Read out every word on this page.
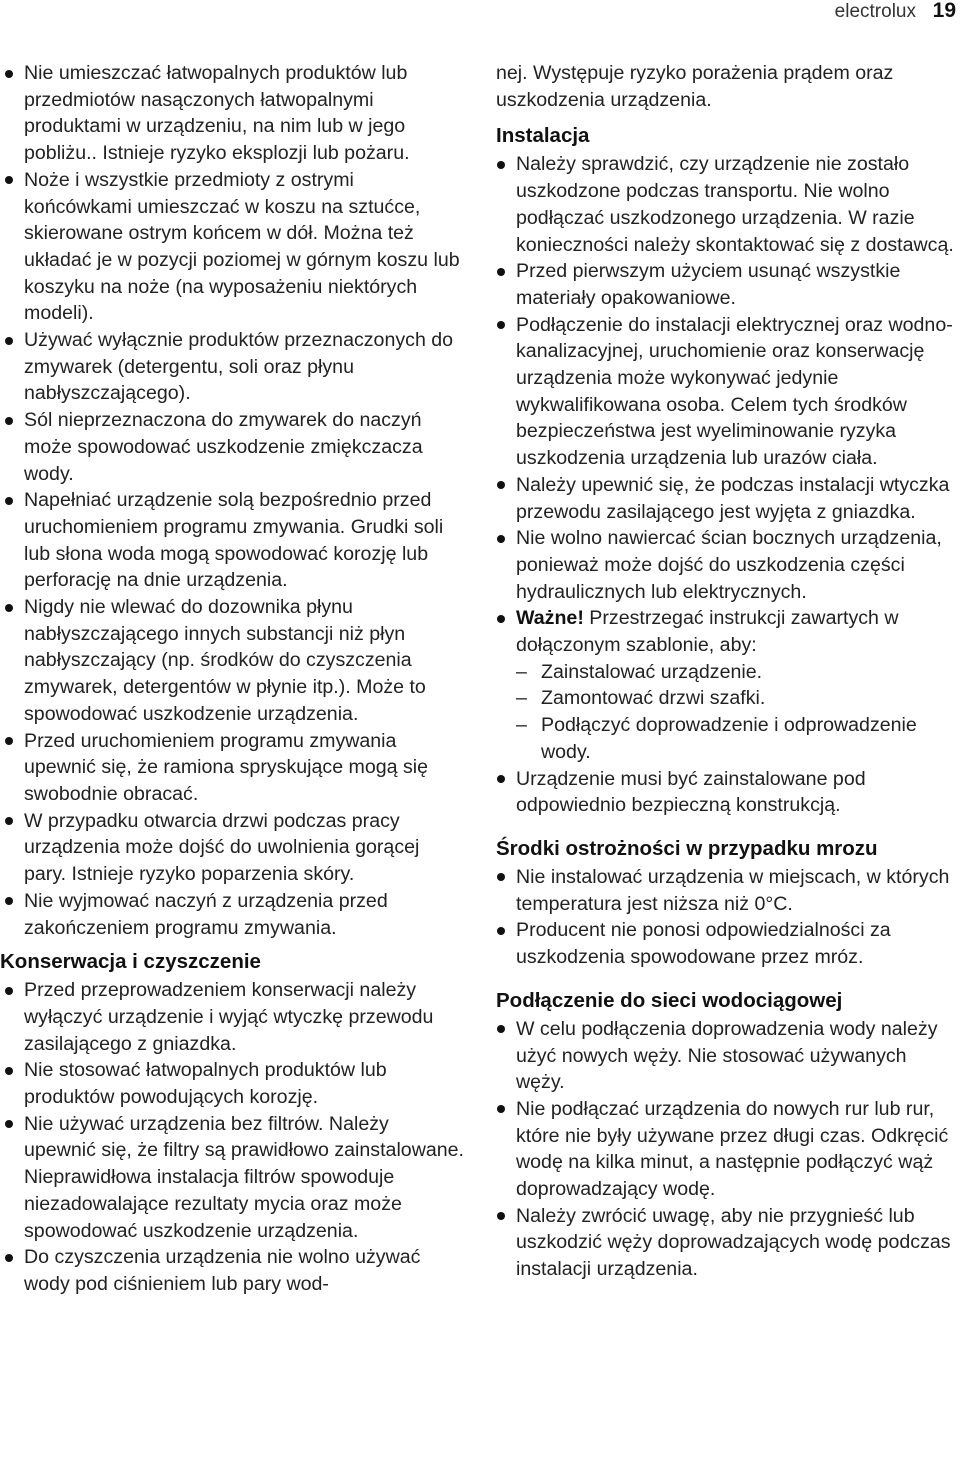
electrolux 19
Nie umieszczać łatwopalnych produktów lub przedmiotów nasączonych łatwopalnymi produktami w urządzeniu, na nim lub w jego pobliżu.. Istnieje ryzyko eksplozji lub pożaru.
Noże i wszystkie przedmioty z ostrymi końcówkami umieszczać w koszu na sztućce, skierowane ostrym końcem w dół. Można też układać je w pozycji poziomej w górnym koszu lub koszyku na noże (na wyposażeniu niektórych modeli).
Używać wyłącznie produktów przeznaczonych do zmywarek (detergentu, soli oraz płynu nabłyszczającego).
Sól nieprzeznaczona do zmywarek do naczyń może spowodować uszkodzenie zmiękczacza wody.
Napełniać urządzenie solą bezpośrednio przed uruchomieniem programu zmywania. Grudki soli lub słona woda mogą spowodować korozję lub perforację na dnie urządzenia.
Nigdy nie wlewać do dozownika płynu nabłyszczającego innych substancji niż płyn nabłyszczający (np. środków do czyszczenia zmywarek, detergentów w płynie itp.). Może to spowodować uszkodzenie urządzenia.
Przed uruchomieniem programu zmywania upewnić się, że ramiona spryskujące mogą się swobodnie obracać.
W przypadku otwarcia drzwi podczas pracy urządzenia może dojść do uwolnienia gorącej pary. Istnieje ryzyko poparzenia skóry.
Nie wyjmować naczyń z urządzenia przed zakończeniem programu zmywania.
Konserwacja i czyszczenie
Przed przeprowadzeniem konserwacji należy wyłączyć urządzenie i wyjąć wtyczkę przewodu zasilającego z gniazdka.
Nie stosować łatwopalnych produktów lub produktów powodujących korozję.
Nie używać urządzenia bez filtrów. Należy upewnić się, że filtry są prawidłowo zainstalowane. Nieprawidłowa instalacja filtrów spowoduje niezadowalające rezultaty mycia oraz może spowodować uszkodzenie urządzenia.
Do czyszczenia urządzenia nie wolno używać wody pod ciśnieniem lub pary wod-

nej. Występuje ryzyko porażenia prądem oraz uszkodzenia urządzenia.

Instalacja
Należy sprawdzić, czy urządzenie nie zostało uszkodzone podczas transportu. Nie wolno podłączać uszkodzonego urządzenia. W razie konieczności należy skontaktować się z dostawcą.
Przed pierwszym użyciem usunąć wszystkie materiały opakowaniowe.
Podłączenie do instalacji elektrycznej oraz wodno-kanalizacyjnej, uruchomienie oraz konserwację urządzenia może wykonywać jedynie wykwalifikowana osoba. Celem tych środków bezpieczeństwa jest wyeliminowanie ryzyka uszkodzenia urządzenia lub urazów ciała.
Należy upewnić się, że podczas instalacji wtyczka przewodu zasilającego jest wyjęta z gniazdka.
Nie wolno nawiercać ścian bocznych urządzenia, ponieważ może dojść do uszkodzenia części hydraulicznych lub elektrycznych.
Ważne! Przestrzegać instrukcji zawartych w dołączonym szablonie, aby:
– Zainstalować urządzenie.
– Zamontować drzwi szafki.
– Podłączyć doprowadzenie i odprowadzenie wody.
Urządzenie musi być zainstalowane pod odpowiednio bezpieczną konstrukcją.
Środki ostrożności w przypadku mrozu
Nie instalować urządzenia w miejscach, w których temperatura jest niższa niż 0°C.
Producent nie ponosi odpowiedzialności za uszkodzenia spowodowane przez mróz.
Podłączenie do sieci wodociągowej
W celu podłączenia doprowadzenia wody należy użyć nowych węży. Nie stosować używanych węży.
Nie podłączać urządzenia do nowych rur lub rur, które nie były używane przez długi czas. Odkręcić wodę na kilka minut, a następnie podłączyć wąż doprowadzający wodę.
Należy zwrócić uwagę, aby nie przygnieść lub uszkodzić węży doprowadzających wodę podczas instalacji urządzenia.
